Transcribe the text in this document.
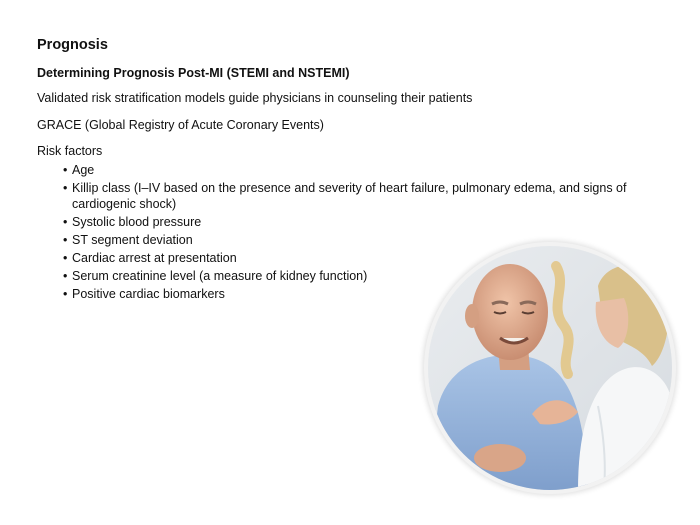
Prognosis
Determining Prognosis Post-MI (STEMI and NSTEMI)

Validated risk stratification models guide physicians in counseling their patients

GRACE (Global Registry of Acute Coronary Events)

Risk factors

• Age
• Killip class (I–IV based on the presence and severity of heart failure, pulmonary edema, and signs of cardiogenic shock)
• Systolic blood pressure
• ST segment deviation
• Cardiac arrest at presentation
• Serum creatinine level (a measure of kidney function)
• Positive cardiac biomarkers
